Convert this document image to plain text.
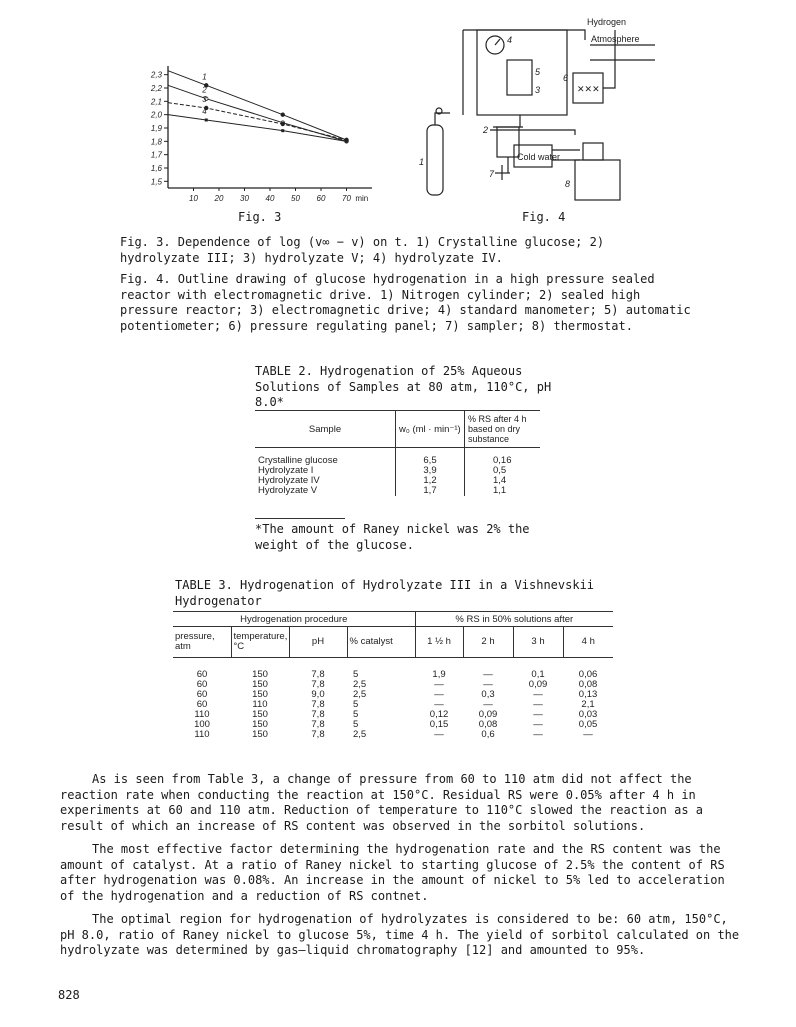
2,3
2,2
2,1
2,0
1,9
1,8
1,7
1,6
1,5
10 20 30 40 50 60 70 min
1
2
3
4
Fig. 3
✕✕✕
Hydrogen
Atmosphere
Cold water
1
2
3
4
5
6
7
8
Fig. 4
Fig. 3. Dependence of log (v∞ − v) on t. 1) Crystalline glucose; 2) hydrolyzate III; 3) hydrolyzate V; 4) hydrolyzate IV.
Fig. 4. Outline drawing of glucose hydrogenation in a high pressure sealed reactor with electromagnetic drive. 1) Nitrogen cylinder; 2) sealed high pressure reactor; 3) electromagnetic drive; 4) standard manometer; 5) automatic potentiometer; 6) pressure regulating panel; 7) sampler; 8) thermostat.
TABLE 2. Hydrogenation of 25% Aqueous Solutions of Samples at 80 atm, 110°C, pH 8.0*
Sample	w₀ (ml · min⁻¹)	% RS after 4 h based on dry substance

Crystalline glucose	6,5	0,16
Hydrolyzate I	3,9	0,5
Hydrolyzate IV	1,2	1,4
Hydrolyzate V	1,7	1,1
*The amount of Raney nickel was 2% the weight of the glucose.
TABLE 3. Hydrogenation of Hydrolyzate III in a Vishnevskii Hydrogenator
Hydrogenation procedure				% RS in 50% solutions after			
pressure, atm	temperature, °C	pH	% catalyst	1 ½ h	2 h	3 h	4 h

60	150	7,8	5	1,9	—	0,1	0,06
60	150	7,8	2,5	—	—	0,09	0,08
60	150	9,0	2,5	—	0,3	—	0,13
60	110	7,8	5	—	—	—	2,1
110	150	7,8	5	0,12	0,09	—	0,03
100	150	7,8	5	0,15	0,08	—	0,05
110	150	7,8	2,5	—	0,6	—	—

As is seen from Table 3, a change of pressure from 60 to 110 atm did not affect the reaction rate when conducting the reaction at 150°C. Residual RS were 0.05% after 4 h in experiments at 60 and 110 atm. Reduction of temperature to 110°C slowed the reaction as a result of which an increase of RS content was observed in the sorbitol solutions.

The most effective factor determining the hydrogenation rate and the RS content was the amount of catalyst. At a ratio of Raney nickel to starting glucose of 2.5% the content of RS after hydrogenation was 0.08%. An increase in the amount of nickel to 5% led to acceleration of the hydrogenation and a reduction of RS contnet.

The optimal region for hydrogenation of hydrolyzates is considered to be: 60 atm, 150°C, pH 8.0, ratio of Raney nickel to glucose 5%, time 4 h. The yield of sorbitol calculated on the hydrolyzate was determined by gas–liquid chromatography [12] and amounted to 95%.

828
